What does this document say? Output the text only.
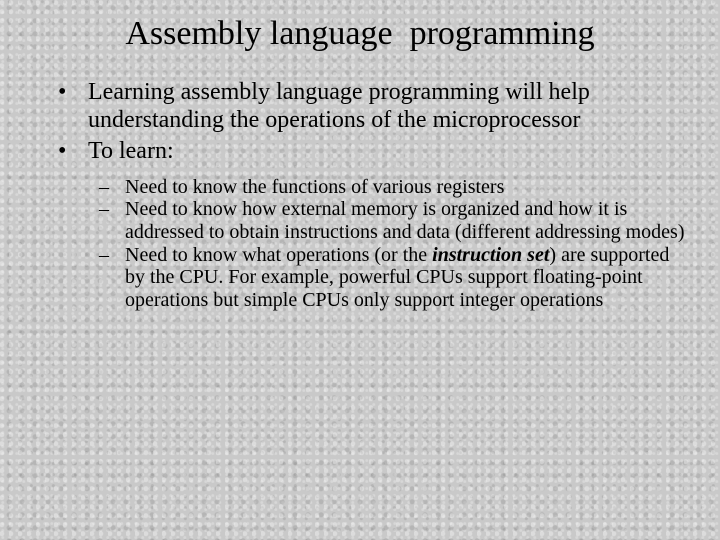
Assembly language  programming
• Learning assembly language programming will help understanding the operations of the microprocessor
• To learn:
– Need to know the functions of various registers
– Need to know how external memory is organized and how it is addressed to obtain instructions and data (different addressing modes)
– Need to know what operations (or the instruction set) are supported by the CPU. For example, powerful CPUs support floating-point operations but simple CPUs only support integer operations
